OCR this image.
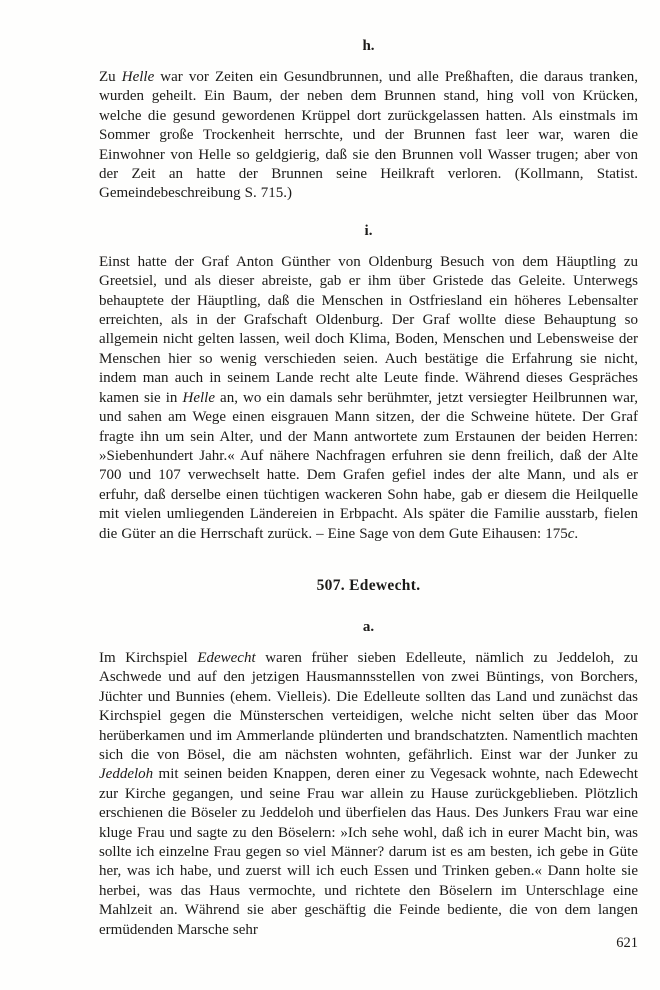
h.

Zu Helle war vor Zeiten ein Gesundbrunnen, und alle Preßhaften, die daraus tranken, wurden geheilt. Ein Baum, der neben dem Brunnen stand, hing voll von Krücken, welche die gesund gewordenen Krüppel dort zurückgelassen hatten. Als einstmals im Sommer große Trockenheit herrschte, und der Brunnen fast leer war, waren die Einwohner von Helle so geldgierig, daß sie den Brunnen voll Wasser trugen; aber von der Zeit an hatte der Brunnen seine Heilkraft verloren. (Kollmann, Statist. Gemeindebeschreibung S. 715.)

i.

Einst hatte der Graf Anton Günther von Oldenburg Besuch von dem Häuptling zu Greetsiel, und als dieser abreiste, gab er ihm über Gristede das Geleite. Unterwegs behauptete der Häuptling, daß die Menschen in Ostfriesland ein höheres Lebensalter erreichten, als in der Grafschaft Oldenburg. Der Graf wollte diese Behauptung so allgemein nicht gelten lassen, weil doch Klima, Boden, Menschen und Lebensweise der Menschen hier so wenig verschieden seien. Auch bestätige die Erfahrung sie nicht, indem man auch in seinem Lande recht alte Leute finde. Während dieses Gespräches kamen sie in Helle an, wo ein damals sehr berühmter, jetzt versiegter Heilbrunnen war, und sahen am Wege einen eisgrauen Mann sitzen, der die Schweine hütete. Der Graf fragte ihn um sein Alter, und der Mann antwortete zum Erstaunen der beiden Herren: »Siebenhundert Jahr.« Auf nähere Nachfragen erfuhren sie denn freilich, daß der Alte 700 und 107 verwechselt hatte. Dem Grafen gefiel indes der alte Mann, und als er erfuhr, daß derselbe einen tüchtigen wackeren Sohn habe, gab er diesem die Heilquelle mit vielen umliegenden Ländereien in Erbpacht. Als später die Familie ausstarb, fielen die Güter an die Herrschaft zurück. – Eine Sage von dem Gute Eihausen: 175c.

507. Edewecht.
a.

Im Kirchspiel Edewecht waren früher sieben Edelleute, nämlich zu Jeddeloh, zu Aschwede und auf den jetzigen Hausmannsstellen von zwei Büntings, von Borchers, Jüchter und Bunnies (ehem. Vielleis). Die Edelleute sollten das Land und zunächst das Kirchspiel gegen die Münsterschen verteidigen, welche nicht selten über das Moor herüberkamen und im Ammerlande plünderten und brandschatzten. Namentlich machten sich die von Bösel, die am nächsten wohnten, gefährlich. Einst war der Junker zu Jeddeloh mit seinen beiden Knappen, deren einer zu Vegesack wohnte, nach Edewecht zur Kirche gegangen, und seine Frau war allein zu Hause zurückgeblieben. Plötzlich erschienen die Böseler zu Jeddeloh und überfielen das Haus. Des Junkers Frau war eine kluge Frau und sagte zu den Böselern: »Ich sehe wohl, daß ich in eurer Macht bin, was sollte ich einzelne Frau gegen so viel Männer? darum ist es am besten, ich gebe in Güte her, was ich habe, und zuerst will ich euch Essen und Trinken geben.« Dann holte sie herbei, was das Haus vermochte, und richtete den Böselern im Unterschlage eine Mahlzeit an. Während sie aber geschäftig die Feinde bediente, die von dem langen ermüdenden Marsche sehr

621
